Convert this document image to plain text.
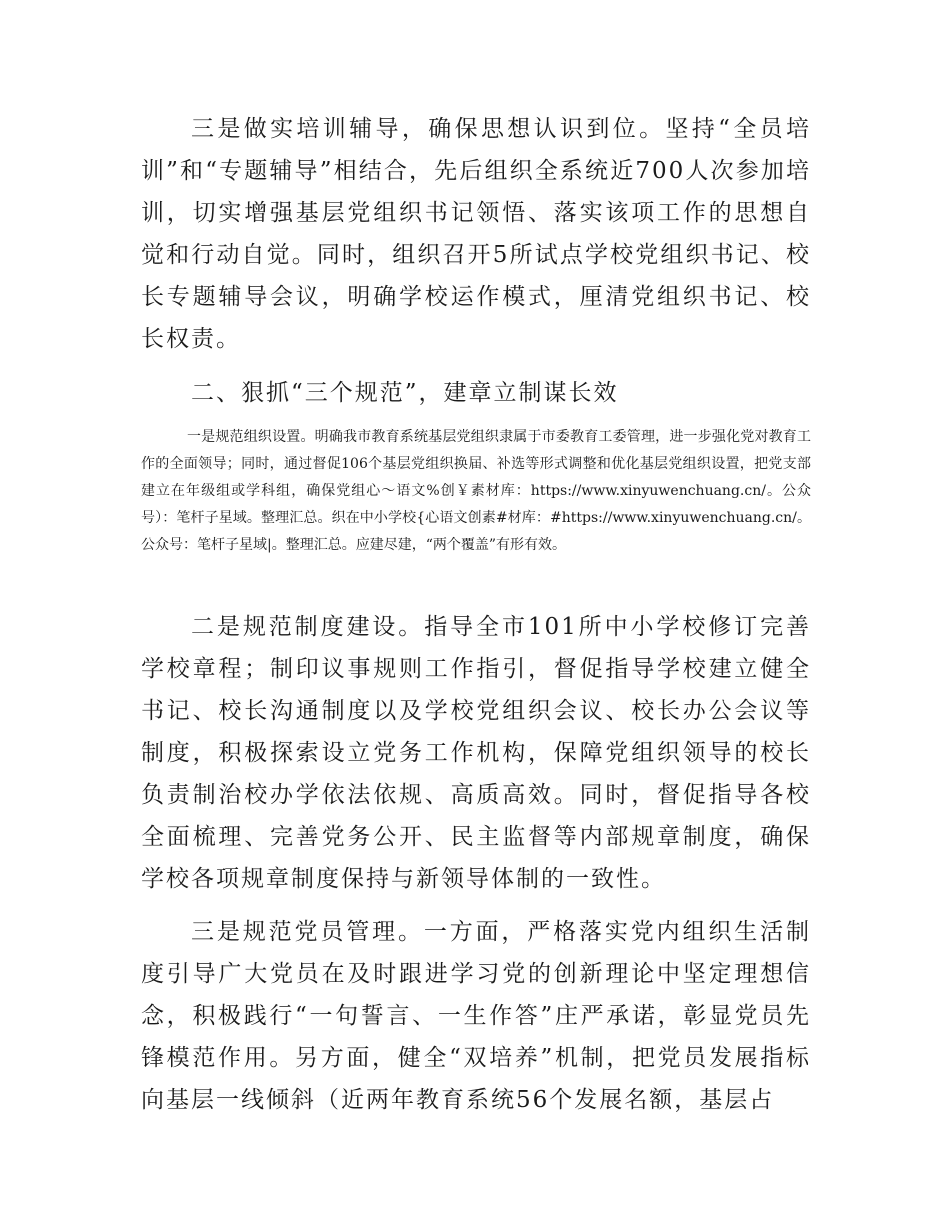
三是做实培训辅导，确保思想认识到位。坚持“全员培训”和“专题辅导”相结合，先后组织全系统近700人次参加培训，切实增强基层党组织书记领悟、落实该项工作的思想自觉和行动自觉。同时，组织召开5所试点学校党组织书记、校长专题辅导会议，明确学校运作模式，厘清党组织书记、校长权责。

二、狠抓“三个规范”，建章立制谋长效

一是规范组织设置。明确我市教育系统基层党组织隶属于市委教育工委管理，进一步强化党对教育工作的全面领导；同时，通过督促106个基层党组织换届、补选等形式调整和优化基层党组织设置，把党支部建立在年级组或学科组，确保党组心～语文%创￥素材库：https://www.xinyuwenchuang.cn/。公众号）：笔杆子星域。整理汇总。织在中小学校{心语文创素#材库：#https://www.xinyuwenchuang.cn/。公众号：笔杆子星域|。整理汇总。应建尽建，“两个覆盖”有形有效。

二是规范制度建设。指导全市101所中小学校修订完善学校章程；制印议事规则工作指引，督促指导学校建立健全书记、校长沟通制度以及学校党组织会议、校长办公会议等制度，积极探索设立党务工作机构，保障党组织领导的校长负责制治校办学依法依规、高质高效。同时，督促指导各校全面梳理、完善党务公开、民主监督等内部规章制度，确保学校各项规章制度保持与新领导体制的一致性。

三是规范党员管理。一方面，严格落实党内组织生活制度引导广大党员在及时跟进学习党的创新理论中坚定理想信念，积极践行“一句誓言、一生作答”庄严承诺，彰显党员先锋模范作用。另方面，健全“双培养”机制，把党员发展指标向基层一线倾斜（近两年教育系统56个发展名额，基层占
